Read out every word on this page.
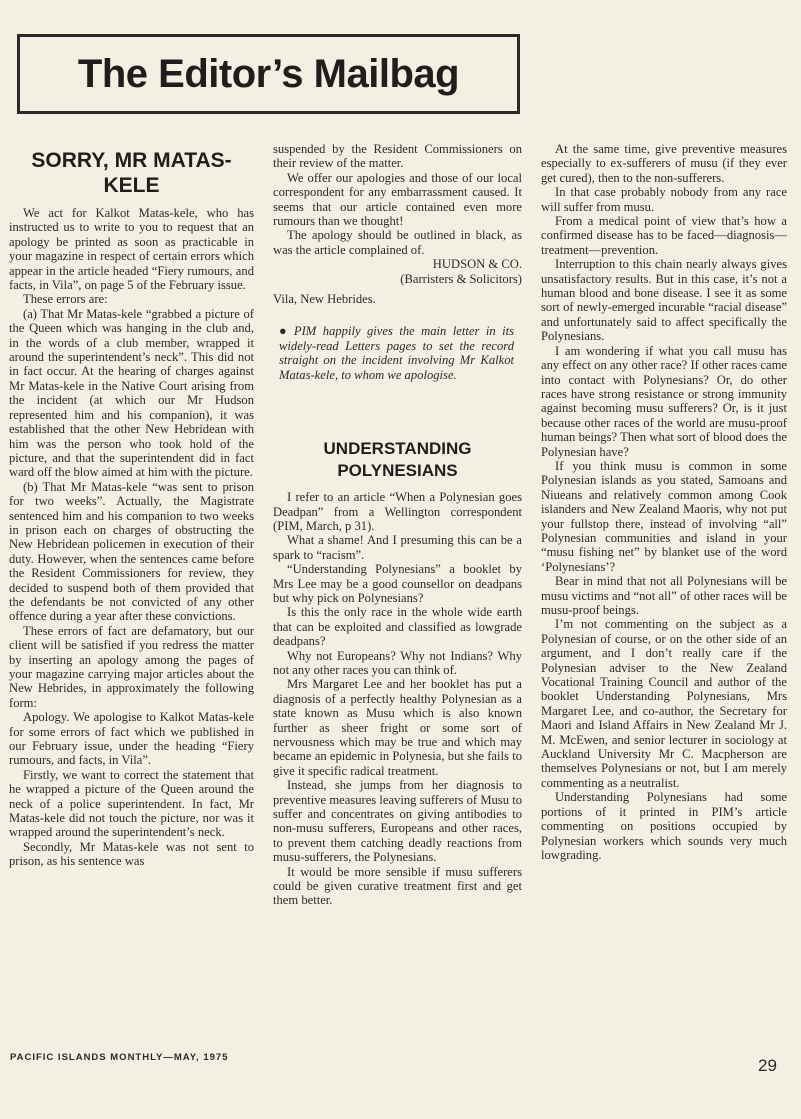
The Editor’s Mailbag
SORRY, MR MATAS-KELE

We act for Kalkot Matas-kele, who has instructed us to write to you to request that an apology be printed as soon as practicable in your magazine in respect of certain errors which appear in the article headed “Fiery rumours, and facts, in Vila”, on page 5 of the February issue.

These errors are:

(a) That Mr Matas-kele “grabbed a picture of the Queen which was hanging in the club and, in the words of a club member, wrapped it around the superintendent’s neck”. This did not in fact occur. At the hearing of charges against Mr Matas-kele in the Native Court arising from the incident (at which our Mr Hudson represented him and his companion), it was established that the other New Hebridean with him was the person who took hold of the picture, and that the superintendent did in fact ward off the blow aimed at him with the picture.

(b) That Mr Matas-kele “was sent to prison for two weeks”. Actually, the Magistrate sentenced him and his companion to two weeks in prison each on charges of obstructing the New Hebridean policemen in execution of their duty. However, when the sentences came before the Resident Commissioners for review, they decided to suspend both of them provided that the defendants be not convicted of any other offence during a year after these convictions.

These errors of fact are defamatory, but our client will be satisfied if you redress the matter by inserting an apology among the pages of your magazine carrying major articles about the New Hebrides, in approximately the following form:

Apology. We apologise to Kalkot Matas-kele for some errors of fact which we published in our February issue, under the heading “Fiery rumours, and facts, in Vila”.

Firstly, we want to correct the statement that he wrapped a picture of the Queen around the neck of a police superintendent. In fact, Mr Matas-kele did not touch the picture, nor was it wrapped around the superintendent’s neck.

Secondly, Mr Matas-kele was not sent to prison, as his sentence was

suspended by the Resident Commissioners on their review of the matter.

We offer our apologies and those of our local correspondent for any embarrassment caused. It seems that our article contained even more rumours than we thought!

The apology should be outlined in black, as was the article complained of.

HUDSON & CO.

(Barristers & Solicitors)

Vila, New Hebrides.

● PIM happily gives the main letter in its widely-read Letters pages to set the record straight on the incident involving Mr Kalkot Matas-kele, to whom we apologise.

UNDERSTANDING POLYNESIANS

I refer to an article “When a Polynesian goes Deadpan” from a Wellington correspondent (PIM, March, p 31).

What a shame! And I presuming this can be a spark to “racism”.

“Understanding Polynesians” a booklet by Mrs Lee may be a good counsellor on deadpans but why pick on Polynesians?

Is this the only race in the whole wide earth that can be exploited and classified as lowgrade deadpans?

Why not Europeans? Why not Indians? Why not any other races you can think of.

Mrs Margaret Lee and her booklet has put a diagnosis of a perfectly healthy Polynesian as a state known as Musu which is also known further as sheer fright or some sort of nervousness which may be true and which may became an epidemic in Polynesia, but she fails to give it specific radical treatment.

Instead, she jumps from her diagnosis to preventive measures leaving sufferers of Musu to suffer and concentrates on giving antibodies to non-musu sufferers, Europeans and other races, to prevent them catching deadly reactions from musu-sufferers, the Polynesians.

It would be more sensible if musu sufferers could be given curative treatment first and get them better.

At the same time, give preventive measures especially to ex-sufferers of musu (if they ever get cured), then to the non-sufferers.

In that case probably nobody from any race will suffer from musu.

From a medical point of view that’s how a confirmed disease has to be faced—diagnosis—treatment—prevention.

Interruption to this chain nearly always gives unsatisfactory results. But in this case, it’s not a human blood and bone disease. I see it as some sort of newly-emerged incurable “racial disease” and unfortunately said to affect specifically the Polynesians.

I am wondering if what you call musu has any effect on any other race? If other races came into contact with Polynesians? Or, do other races have strong resistance or strong immunity against becoming musu sufferers? Or, is it just because other races of the world are musu-proof human beings? Then what sort of blood does the Polynesian have?

If you think musu is common in some Polynesian islands as you stated, Samoans and Niueans and relatively common among Cook islanders and New Zealand Maoris, why not put your fullstop there, instead of involving “all” Polynesian communities and island in your “musu fishing net” by blanket use of the word ‘Polynesians’?

Bear in mind that not all Polynesians will be musu victims and “not all” of other races will be musu-proof beings.

I’m not commenting on the subject as a Polynesian of course, or on the other side of an argument, and I don’t really care if the Polynesian adviser to the New Zealand Vocational Training Council and author of the booklet Understanding Polynesians, Mrs Margaret Lee, and co-author, the Secretary for Maori and Island Affairs in New Zealand Mr J. M. McEwen, and senior lecturer in sociology at Auckland University Mr C. Macpherson are themselves Polynesians or not, but I am merely commenting as a neutralist.

Understanding Polynesians had some portions of it printed in PIM’s article commenting on positions occupied by Polynesian workers which sounds very much lowgrading.

PACIFIC ISLANDS MONTHLY—MAY, 1975	29
